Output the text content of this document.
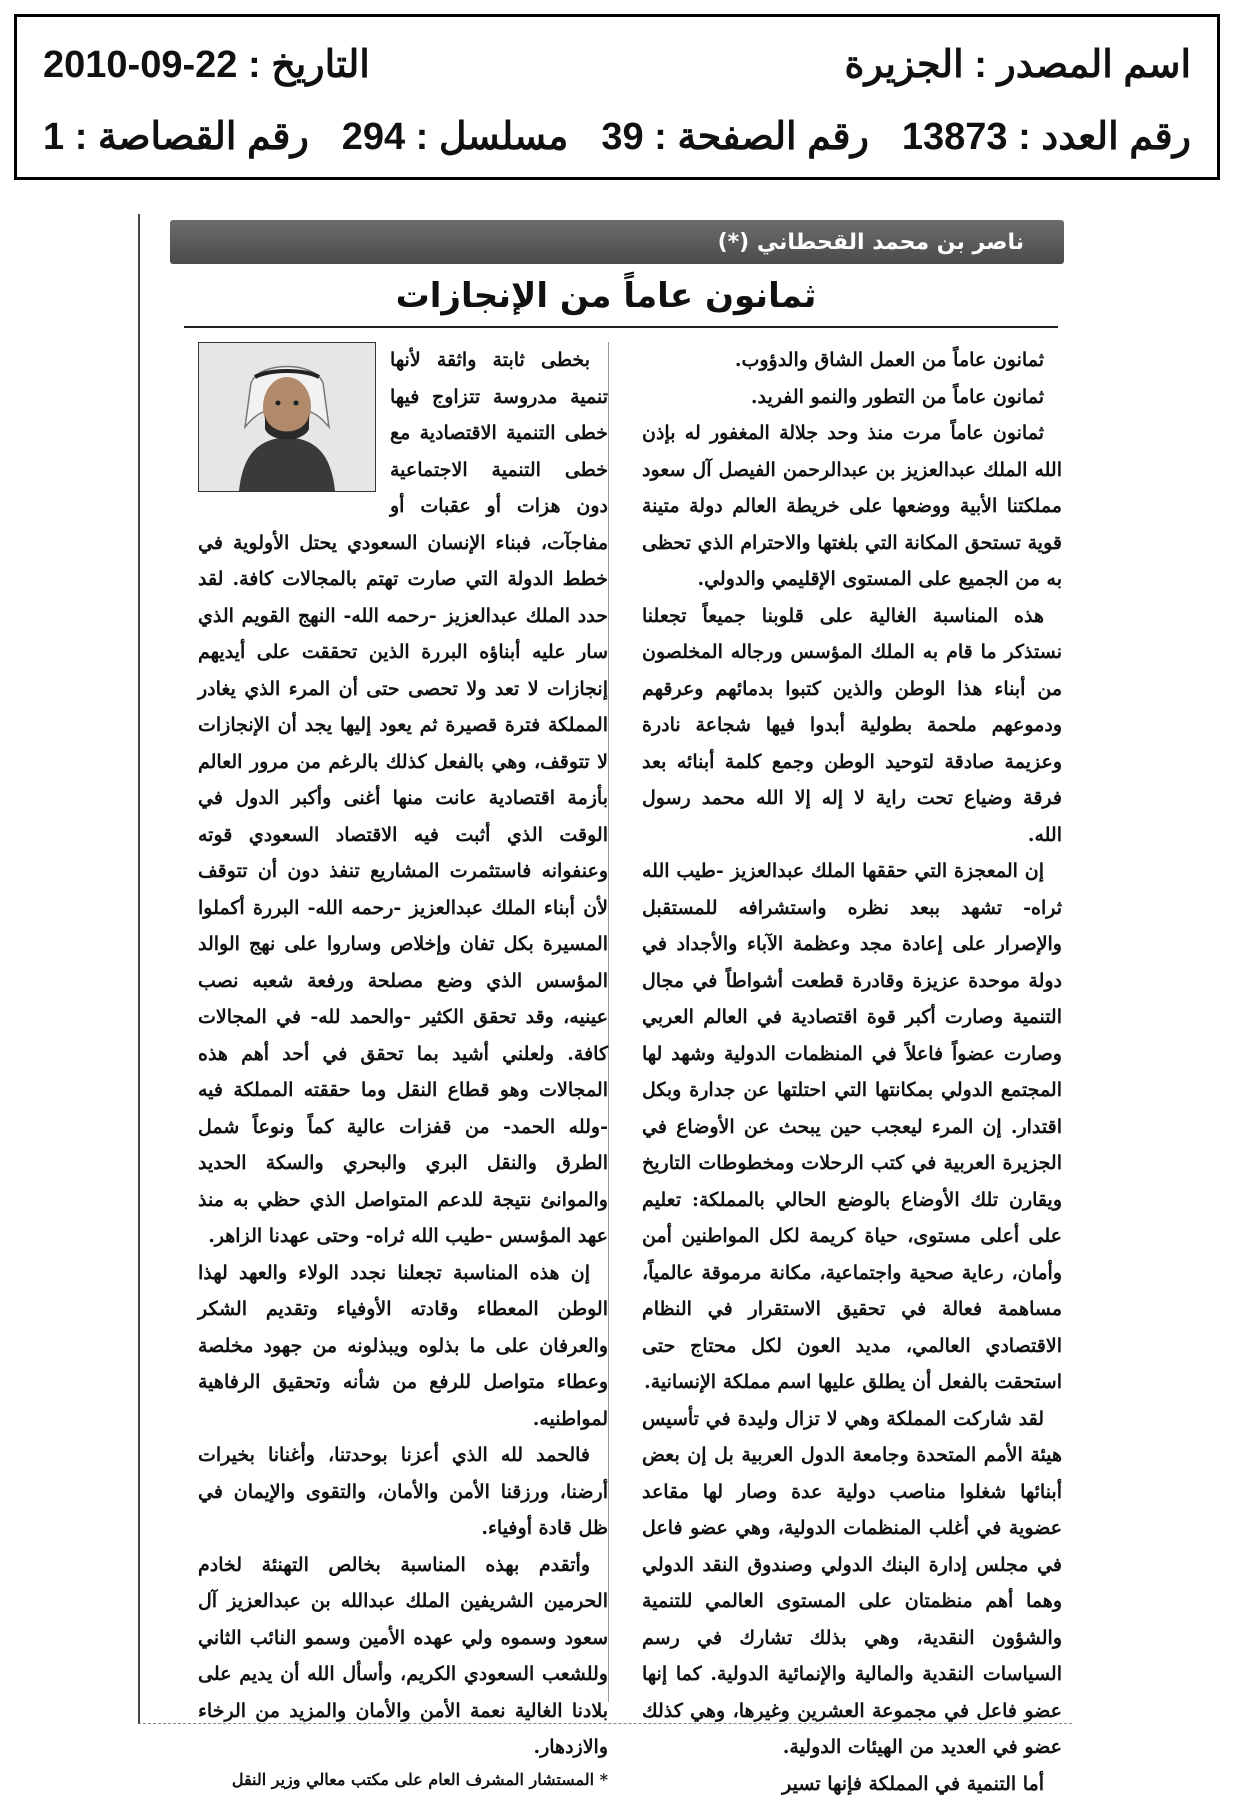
اسم المصدر : الجزيرة
التاريخ : 22-09-2010
رقم العدد : 13873
رقم الصفحة : 39
مسلسل : 294
رقم القصاصة : 1
ناصر بن محمد القحطاني (*)
ثمانون عاماً من الإنجازات

ثمانون عاماً من العمل الشاق والدؤوب.

ثمانون عاماً من التطور والنمو الفريد.

ثمانون عاماً مرت منذ وحد جلالة المغفور له بإذن الله الملك عبدالعزيز بن عبدالرحمن الفيصل آل سعود مملكتنا الأبية ووضعها على خريطة العالم دولة متينة قوية تستحق المكانة التي بلغتها والاحترام الذي تحظى به من الجميع على المستوى الإقليمي والدولي.

هذه المناسبة الغالية على قلوبنا جميعاً تجعلنا نستذكر ما قام به الملك المؤسس ورجاله المخلصون من أبناء هذا الوطن والذين كتبوا بدمائهم وعرقهم ودموعهم ملحمة بطولية أبدوا فيها شجاعة نادرة وعزيمة صادقة لتوحيد الوطن وجمع كلمة أبنائه بعد فرقة وضياع تحت راية لا إله إلا الله محمد رسول الله.

إن المعجزة التي حققها الملك عبدالعزيز -طيب الله ثراه- تشهد ببعد نظره واستشرافه للمستقبل والإصرار على إعادة مجد وعظمة الآباء والأجداد في دولة موحدة عزيزة وقادرة قطعت أشواطاً في مجال التنمية وصارت أكبر قوة اقتصادية في العالم العربي وصارت عضواً فاعلاً في المنظمات الدولية وشهد لها المجتمع الدولي بمكانتها التي احتلتها عن جدارة وبكل اقتدار. إن المرء ليعجب حين يبحث عن الأوضاع في الجزيرة العربية في كتب الرحلات ومخطوطات التاريخ ويقارن تلك الأوضاع بالوضع الحالي بالمملكة: تعليم على أعلى مستوى، حياة كريمة لكل المواطنين أمن وأمان، رعاية صحية واجتماعية، مكانة مرموقة عالمياً، مساهمة فعالة في تحقيق الاستقرار في النظام الاقتصادي العالمي، مديد العون لكل محتاج حتى استحقت بالفعل أن يطلق عليها اسم مملكة الإنسانية.

لقد شاركت المملكة وهي لا تزال وليدة في تأسيس هيئة الأمم المتحدة وجامعة الدول العربية بل إن بعض أبنائها شغلوا مناصب دولية عدة وصار لها مقاعد عضوية في أغلب المنظمات الدولية، وهي عضو فاعل في مجلس إدارة البنك الدولي وصندوق النقد الدولي وهما أهم منظمتان على المستوى العالمي للتنمية والشؤون النقدية، وهي بذلك تشارك في رسم السياسات النقدية والمالية والإنمائية الدولية. كما إنها عضو فاعل في مجموعة العشرين وغيرها، وهي كذلك عضو في العديد من الهيئات الدولية.

أما التنمية في المملكة فإنها تسير

بخطى ثابتة واثقة لأنها تنمية مدروسة تتزاوج فيها خطى التنمية الاقتصادية مع خطى التنمية الاجتماعية دون هزات أو عقبات أو مفاجآت، فبناء الإنسان السعودي يحتل الأولوية في خطط الدولة التي صارت تهتم بالمجالات كافة. لقد حدد الملك عبدالعزيز -رحمه الله- النهج القويم الذي سار عليه أبناؤه البررة الذين تحققت على أيديهم إنجازات لا تعد ولا تحصى حتى أن المرء الذي يغادر المملكة فترة قصيرة ثم يعود إليها يجد أن الإنجازات لا تتوقف، وهي بالفعل كذلك بالرغم من مرور العالم بأزمة اقتصادية عانت منها أغنى وأكبر الدول في الوقت الذي أثبت فيه الاقتصاد السعودي قوته وعنفوانه فاستثمرت المشاريع تنفذ دون أن تتوقف لأن أبناء الملك عبدالعزيز -رحمه الله- البررة أكملوا المسيرة بكل تفان وإخلاص وساروا على نهج الوالد المؤسس الذي وضع مصلحة ورفعة شعبه نصب عينيه، وقد تحقق الكثير -والحمد لله- في المجالات كافة. ولعلني أشيد بما تحقق في أحد أهم هذه المجالات وهو قطاع النقل وما حققته المملكة فيه -ولله الحمد- من قفزات عالية كماً ونوعاً شمل الطرق والنقل البري والبحري والسكة الحديد والموانئ نتيجة للدعم المتواصل الذي حظي به منذ عهد المؤسس -طيب الله ثراه- وحتى عهدنا الزاهر.

إن هذه المناسبة تجعلنا نجدد الولاء والعهد لهذا الوطن المعطاء وقادته الأوفياء وتقديم الشكر والعرفان على ما بذلوه ويبذلونه من جهود مخلصة وعطاء متواصل للرفع من شأنه وتحقيق الرفاهية لمواطنيه.

فالحمد لله الذي أعزنا بوحدتنا، وأغنانا بخيرات أرضنا، ورزقنا الأمن والأمان، والتقوى والإيمان في ظل قادة أوفياء.

وأتقدم بهذه المناسبة بخالص التهنئة لخادم الحرمين الشريفين الملك عبدالله بن عبدالعزيز آل سعود وسموه ولي عهده الأمين وسمو النائب الثاني وللشعب السعودي الكريم، وأسأل الله أن يديم على بلادنا الغالية نعمة الأمن والأمان والمزيد من الرخاء والازدهار.

* المستشار المشرف العام على مكتب معالي وزير النقل
